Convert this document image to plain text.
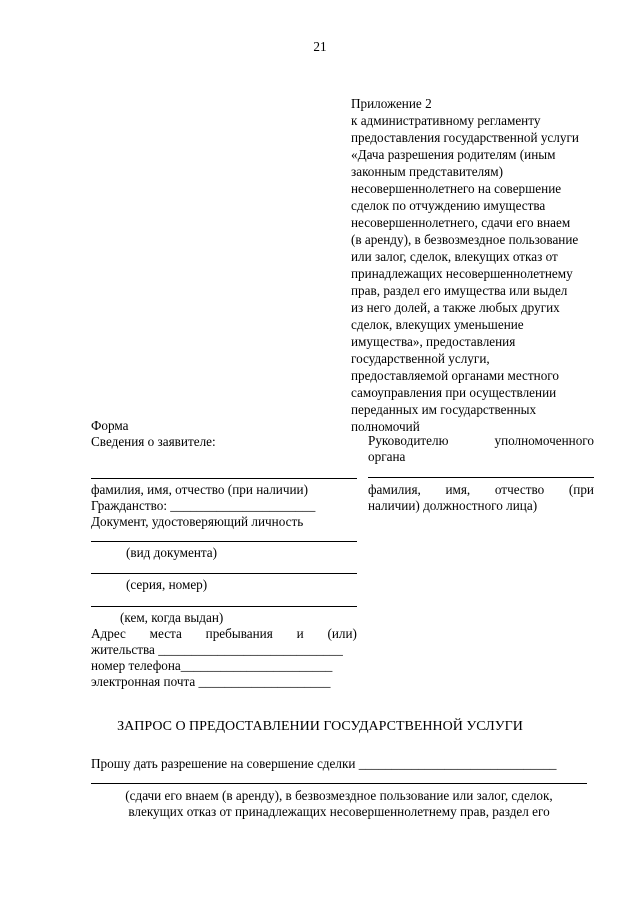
21
Приложение 2
к административному регламенту
предоставления государственной услуги
«Дача разрешения родителям (иным
законным представителям)
несовершеннолетнего на совершение
сделок по отчуждению имущества
несовершеннолетнего, сдачи его внаем
(в аренду), в безвозмездное пользование
или залог, сделок, влекущих отказ от
принадлежащих несовершеннолетнему
прав, раздел его имущества или выдел
из него долей, а также любых других
сделок, влекущих уменьшение
имущества», предоставления
государственной услуги,
предоставляемой органами местного
самоуправления при осуществлении
переданных им государственных
полномочий
Форма
Сведения о заявителе:
фамилия, имя, отчество (при наличии)
Гражданство: ______________________
Документ, удостоверяющий личность
(вид документа)
(серия, номер)
(кем, когда выдан)
Адрес места пребывания и (или)
жительства ____________________________
номер телефона_______________________
электронная почта ____________________
Руководителю	уполномоченного
органа
фамилия, имя, отчество (при
наличии) должностного лица)
ЗАПРОС О ПРЕДОСТАВЛЕНИИ ГОСУДАРСТВЕННОЙ УСЛУГИ
Прошу дать разрешение на совершение сделки ______________________________
(сдачи его внаем (в аренду), в безвозмездное пользование или залог, сделок,
влекущих отказ от принадлежащих несовершеннолетнему прав, раздел его
